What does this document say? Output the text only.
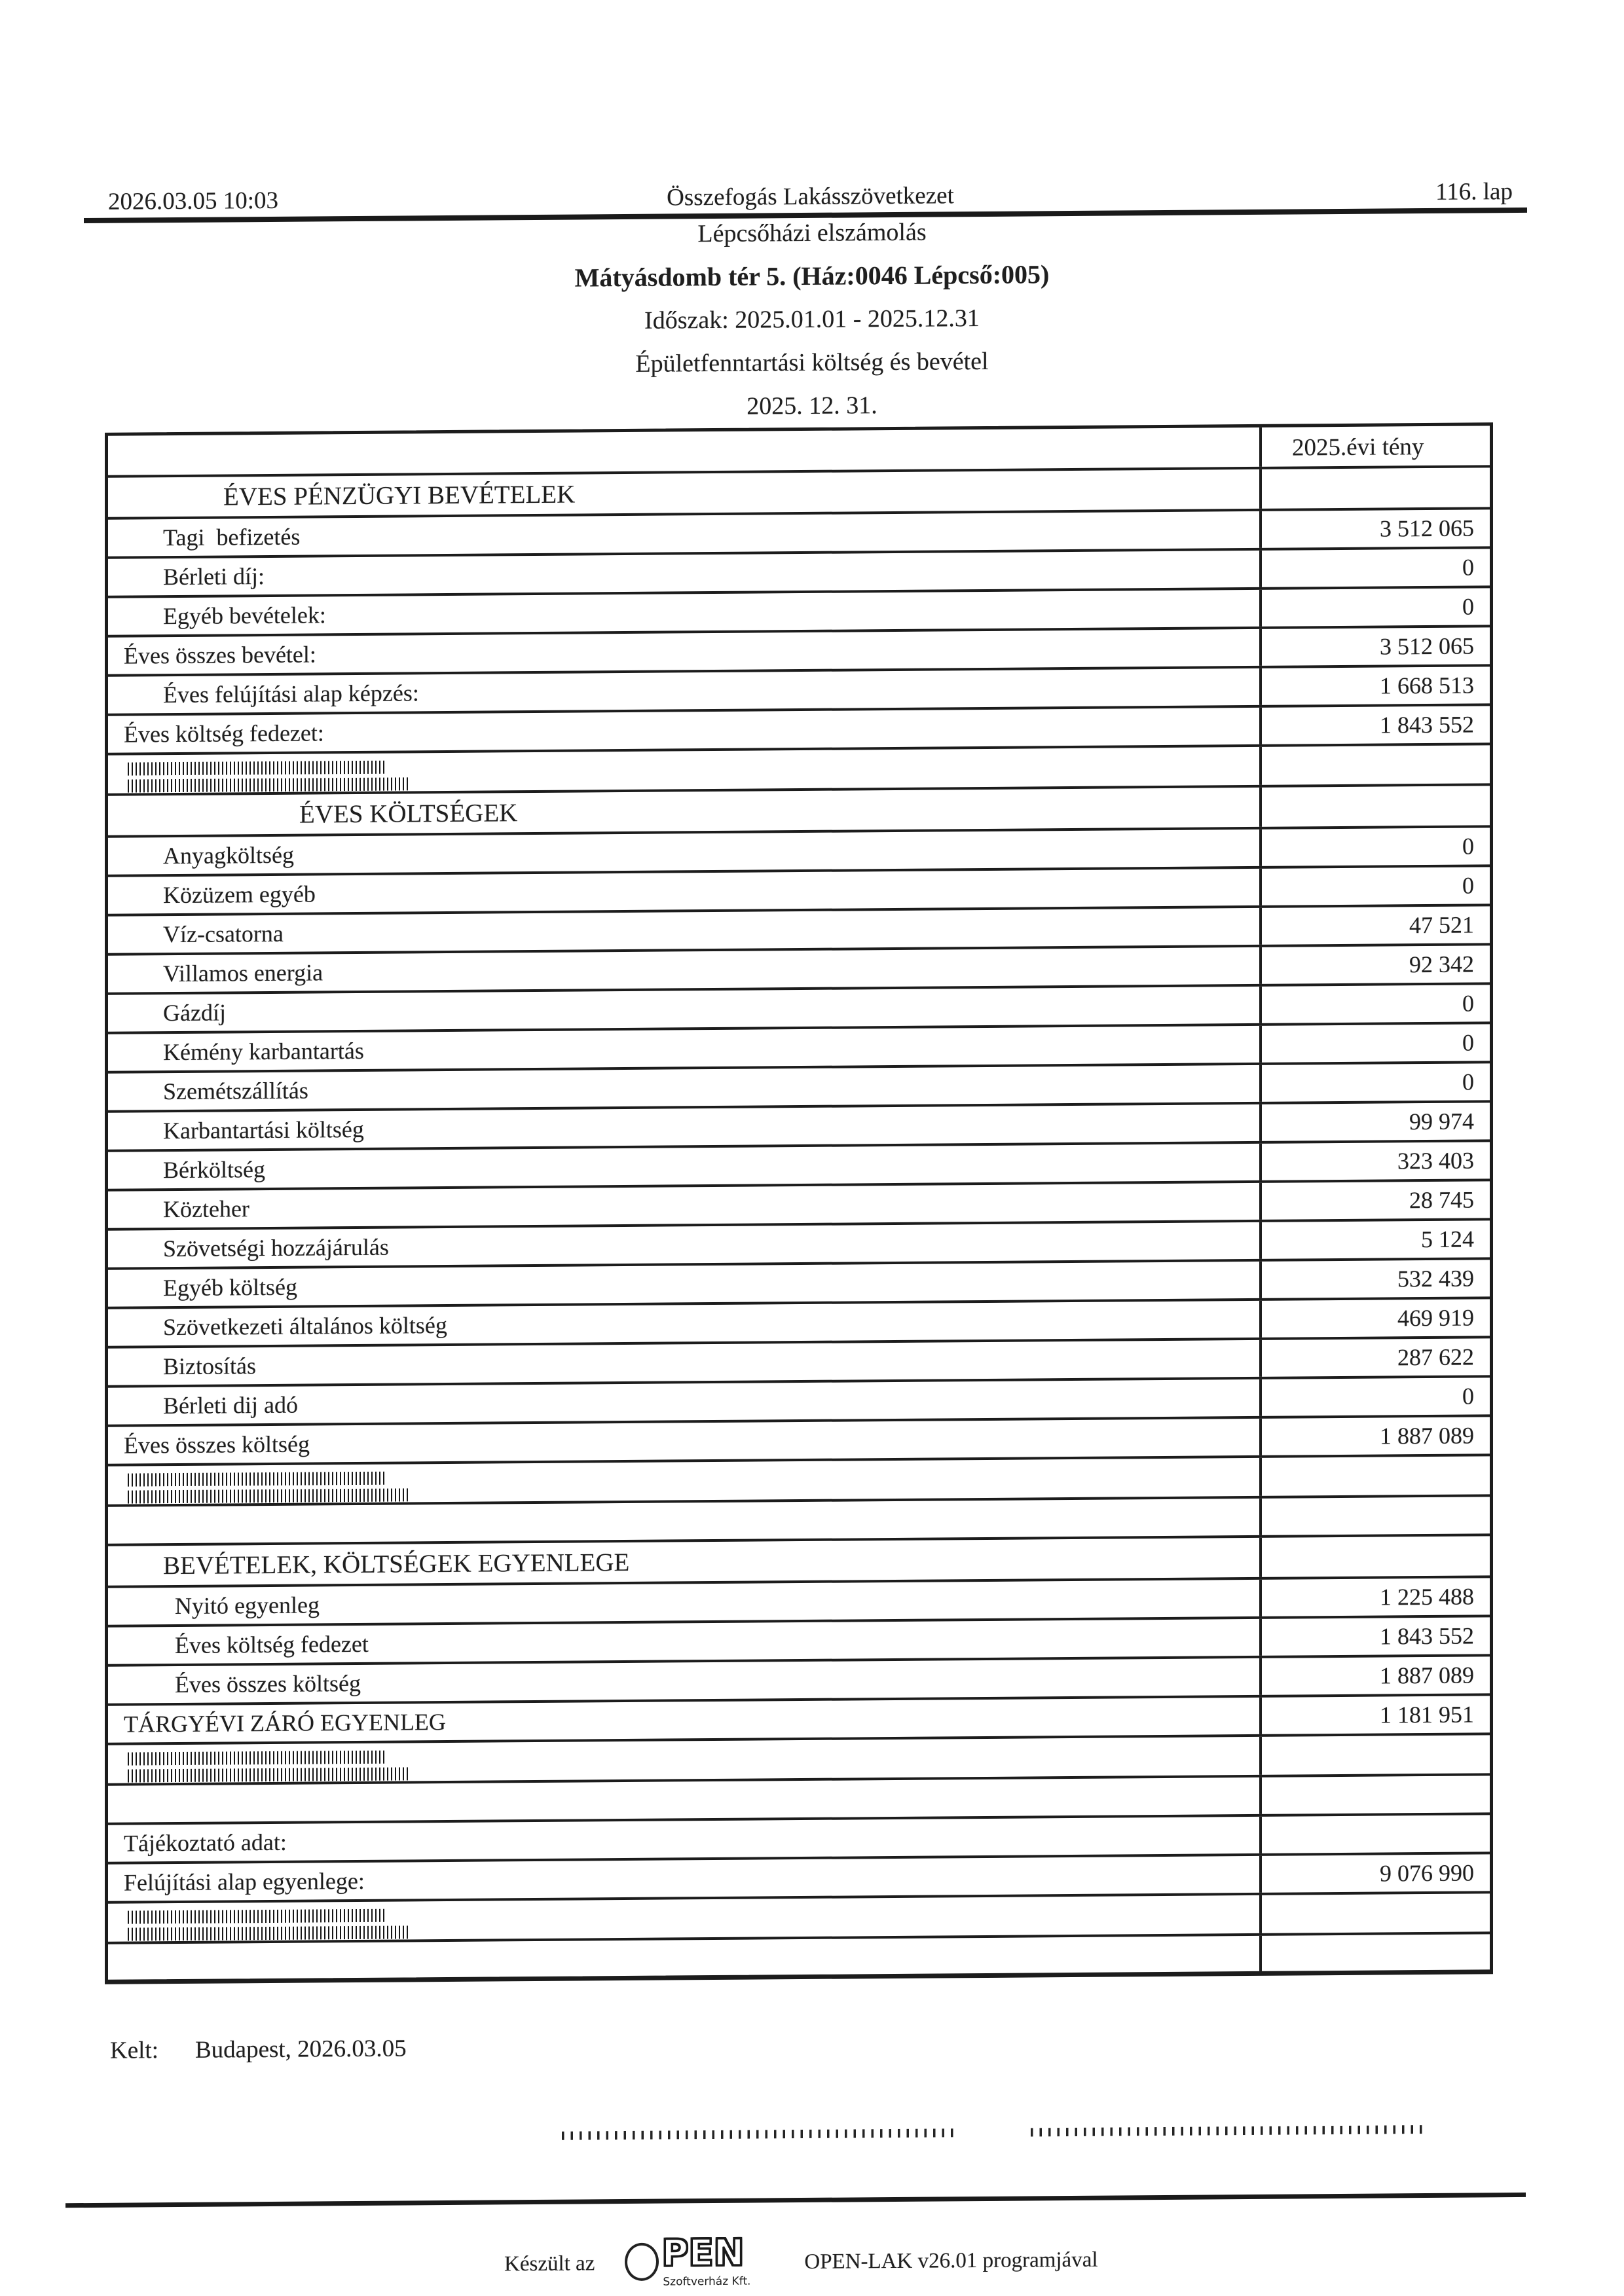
2026.03.05 10:03	Összefogás Lakásszövetkezet	116. lap
Lépcsőházi elszámolás
Mátyásdomb tér 5. (Ház:0046 Lépcső:005)
Időszak: 2025.01.01 - 2025.12.31
Épületfenntartási költség és bevétel
2025. 12. 31.
2025.évi tény
ÉVES PÉNZÜGYI BEVÉTELEK
Tagi  befizetés	3 512 065
Bérleti díj:	0
Egyéb bevételek:	0
Éves összes bevétel:	3 512 065
Éves felújítási alap képzés:	1 668 513
Éves költség fedezet:	1 843 552
ÉVES KÖLTSÉGEK
Anyagköltség	0
Közüzem egyéb	0
Víz-csatorna	47 521
Villamos energia	92 342
Gázdíj	0
Kémény karbantartás	0
Szemétszállítás	0
Karbantartási költség	99 974
Bérköltség	323 403
Közteher	28 745
Szövetségi hozzájárulás	5 124
Egyéb költség	532 439
Szövetkezeti általános költség	469 919
Biztosítás	287 622
Bérleti dij adó	0
Éves összes költség	1 887 089
BEVÉTELEK, KÖLTSÉGEK EGYENLEGE
Nyitó egyenleg	1 225 488
Éves költség fedezet	1 843 552
Éves összes költség	1 887 089
TÁRGYÉVI ZÁRÓ EGYENLEG	1 181 951
Tájékoztató adat:
Felújítási alap egyenlege:	9 076 990
Kelt: Budapest, 2026.03.05
Készült az PEN
Szoftverház Kft.
OPEN-LAK v26.01 programjával
